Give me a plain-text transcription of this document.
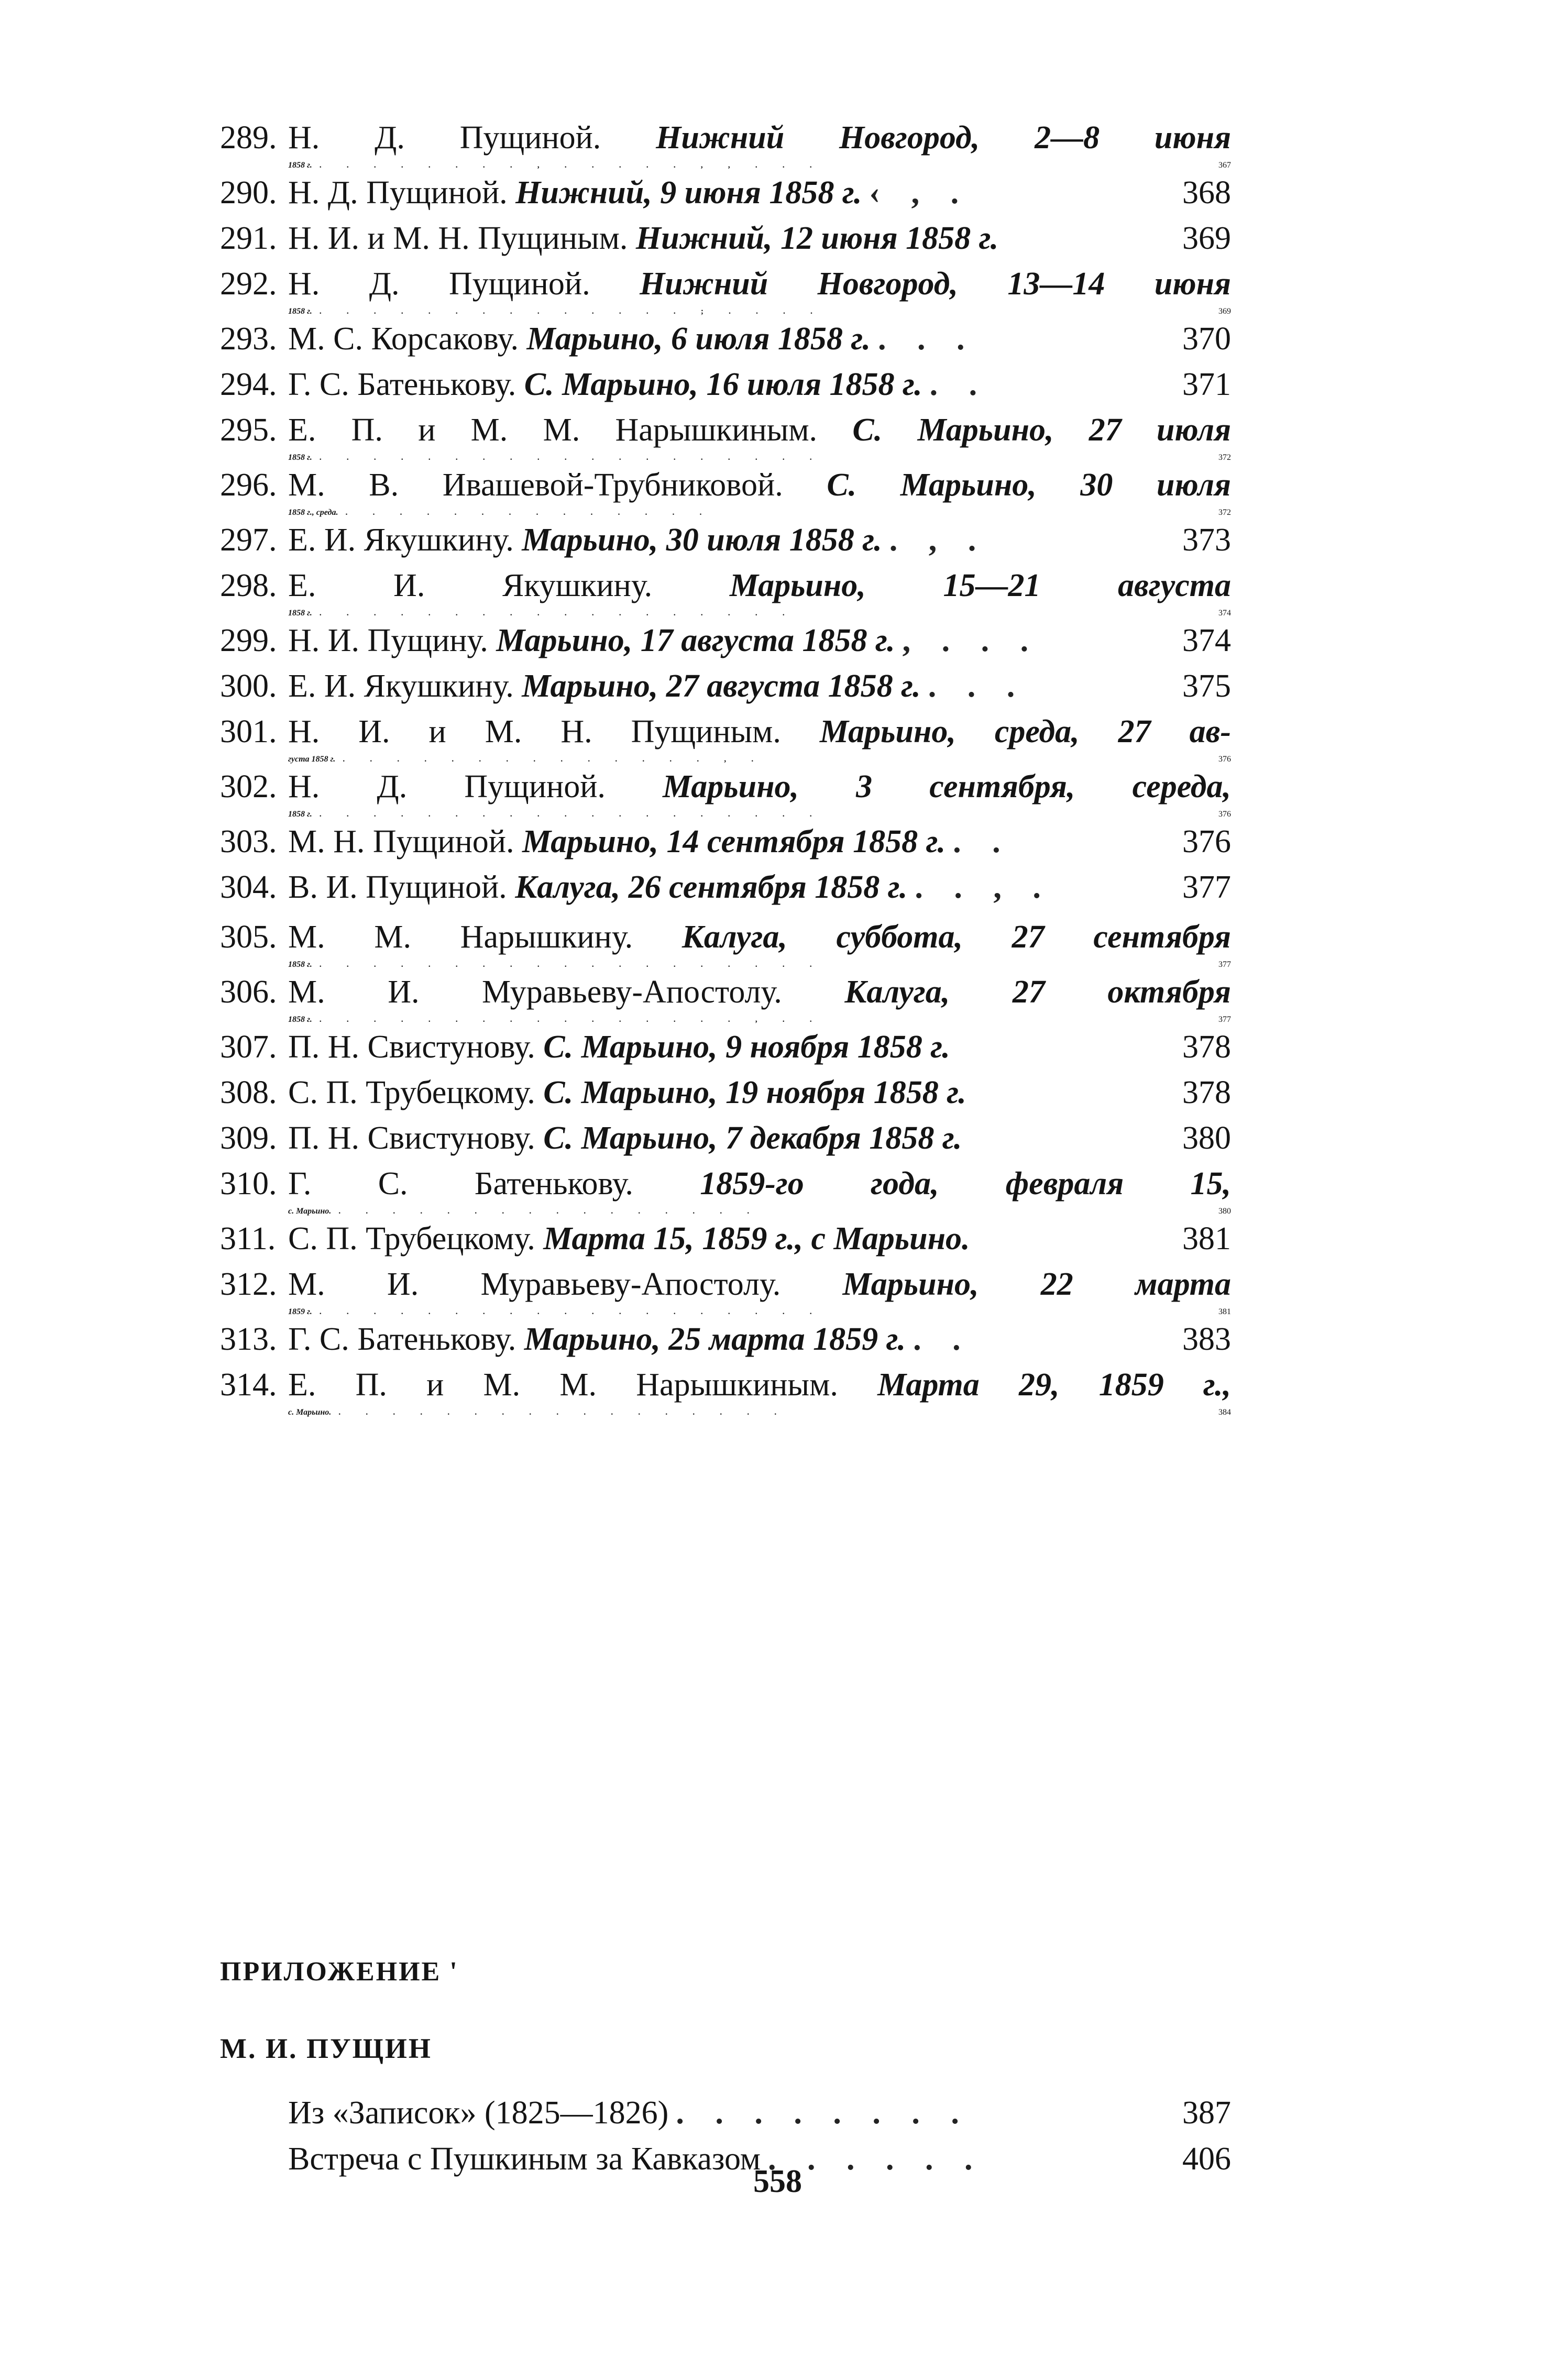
289. Н. Д. Пущиной. Нижний Новгород, 2—8 июня
1858 г. . . . . . . . . , . . . . . , , . . .	367
290. Н. Д. Пущиной. Нижний, 9 июня 1858 г. ‹ , .	368
291. Н. И. и М. Н. Пущиным. Нижний, 12 июня 1858 г.	369
292. Н. Д. Пущиной. Нижний Новгород, 13—14 июня
1858 г. . . . . . . . . . . . . . . ; . . . .	369
293. М. С. Корсакову. Марьино, 6 июля 1858 г. . . .	370
294. Г. С. Батенькову. С. Марьино, 16 июля 1858 г. . .	371
295. Е. П. и М. М. Нарышкиным. С. Марьино, 27 июля
1858 г. . . . . . . . . . . . . . . . . . . .	372
296. М. В. Ивашевой-Трубниковой. С. Марьино, 30 июля
1858 г., среда. . . . . . . . . . . . . . .	372
297. Е. И. Якушкину. Марьино, 30 июля 1858 г. . , .	373
298. Е. И. Якушкину. Марьино, 15—21 августа
1858 г. . . . . . . . . . . . . . . . . . .	374
299. Н. И. Пущину. Марьино, 17 августа 1858 г. , . . .	374
300. Е. И. Якушкину. Марьино, 27 августа 1858 г. . . .	375
301. Н. И. и М. Н. Пущиным. Марьино, среда, 27 ав-
густа 1858 г. . . . . . . . . . . . . . . , .	376
302. Н. Д. Пущиной. Марьино, 3 сентября, середа,
1858 г. . . . . . . . . . . . . . . . . . . .	376
303. М. Н. Пущиной. Марьино, 14 сентября 1858 г. . .	376
304. В. И. Пущиной. Калуга, 26 сентября 1858 г. . . , .	377
305. М. М. Нарышкину. Калуга, суббота, 27 сентября
1858 г. . . . . . . . . . . . . . . . . . . .	377
306. М. И. Муравьеву-Апостолу. Калуга, 27 октября
1858 г. . . . . . . . . . . . . . . . . , . .	377
307. П. Н. Свистунову. С. Марьино, 9 ноября 1858 г.	378
308. С. П. Трубецкому. С. Марьино, 19 ноября 1858 г.	378
309. П. Н. Свистунову. С. Марьино, 7 декабря 1858 г.	380
310. Г. С. Батенькову. 1859-го года, февраля 15,
с. Марьино. . . . . . . . . . . . . . . . .	380
311. С. П. Трубецкому. Марта 15, 1859 г., с Марьино.	381
312. М. И. Муравьеву-Апостолу. Марьино, 22 марта
1859 г. . . . . . . . . . . . . . . . . . . .	381
313. Г. С. Батенькову. Марьино, 25 марта 1859 г. . .	383
314. Е. П. и М. М. Нарышкиным. Марта 29, 1859 г.,
с. Марьино. . . . . . . . . . . . . . . . . .	384
ПРИЛОЖЕНИЕ '
М. И. ПУЩИН
Из «Записок» (1825—1826) . . . . . . . .	387
Встреча с Пушкиным за Кавказом . . . . . .	406
558
